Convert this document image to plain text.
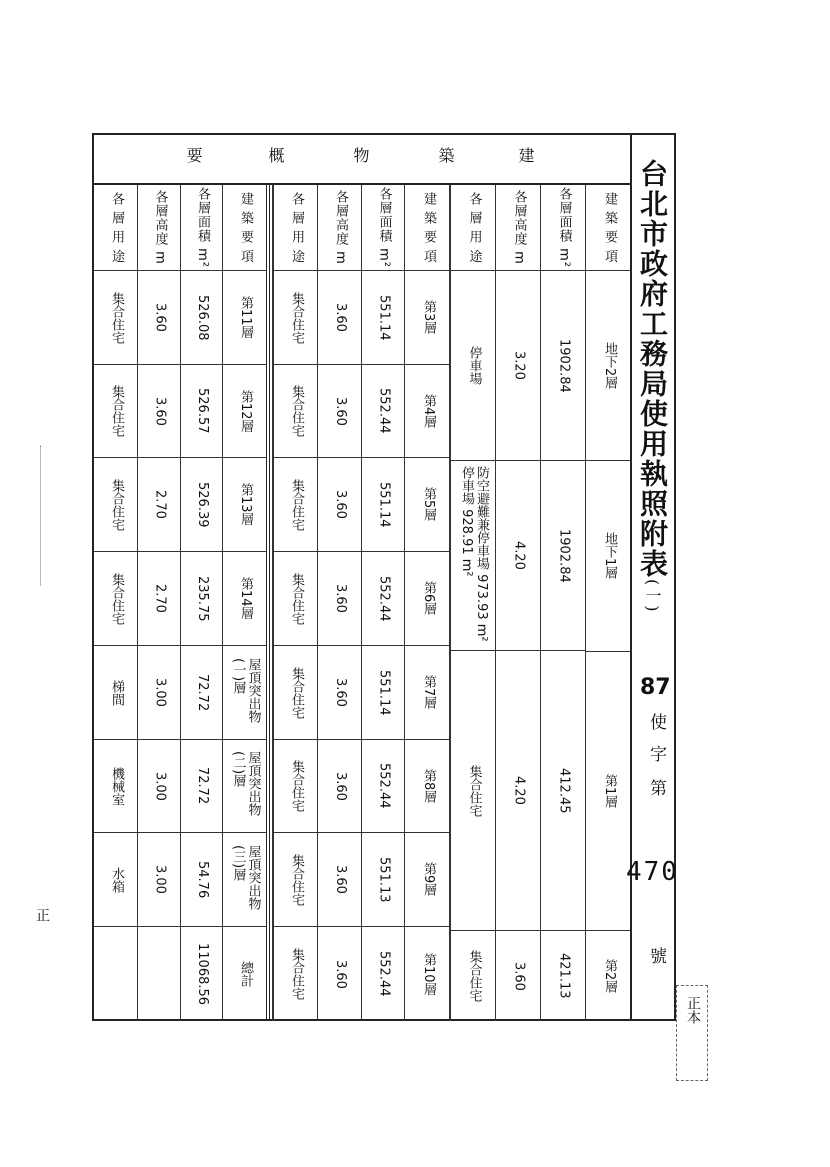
台北市政府工務局使用執照附表(一)
87
使
字
第
470
號
建
築
物
概
要
建 築 要 項
地下2層
地下1層
第1層
第2層
各層面積 m²
1902.84
1902.84
412.45
421.13
各層高度 m
3.20
4.20
4.20
3.60
各 層 用 途
停車場
防空避難兼停車場 973.93 m² 停車場 928.91 m²
集合住宅
集合住宅
建 築 要 項
第3層
第4層
第5層
第6層
第7層
第8層
第9層
第10層
各層面積 m²
551.14
552.44
551.14
552.44
551.14
552.44
551.13
552.44
各層高度 m
3.60
3.60
3.60
3.60
3.60
3.60
3.60
3.60
各 層 用 途
集合住宅
集合住宅
集合住宅
集合住宅
集合住宅
集合住宅
集合住宅
集合住宅
建 築 要 項
第11層
第12層
第13層
第14層
屋頂突出物(一)層
屋頂突出物(二)層
屋頂突出物(三)層
總計
各層面積 m²
526.08
526.57
526.39
235.75
72.72
72.72
54.76
11068.56
各層高度 m
3.60
3.60
2.70
2.70
3.00
3.00
3.00
各 層 用 途
集合住宅
集合住宅
集合住宅
集合住宅
梯間
機械室
水箱
正本
正
